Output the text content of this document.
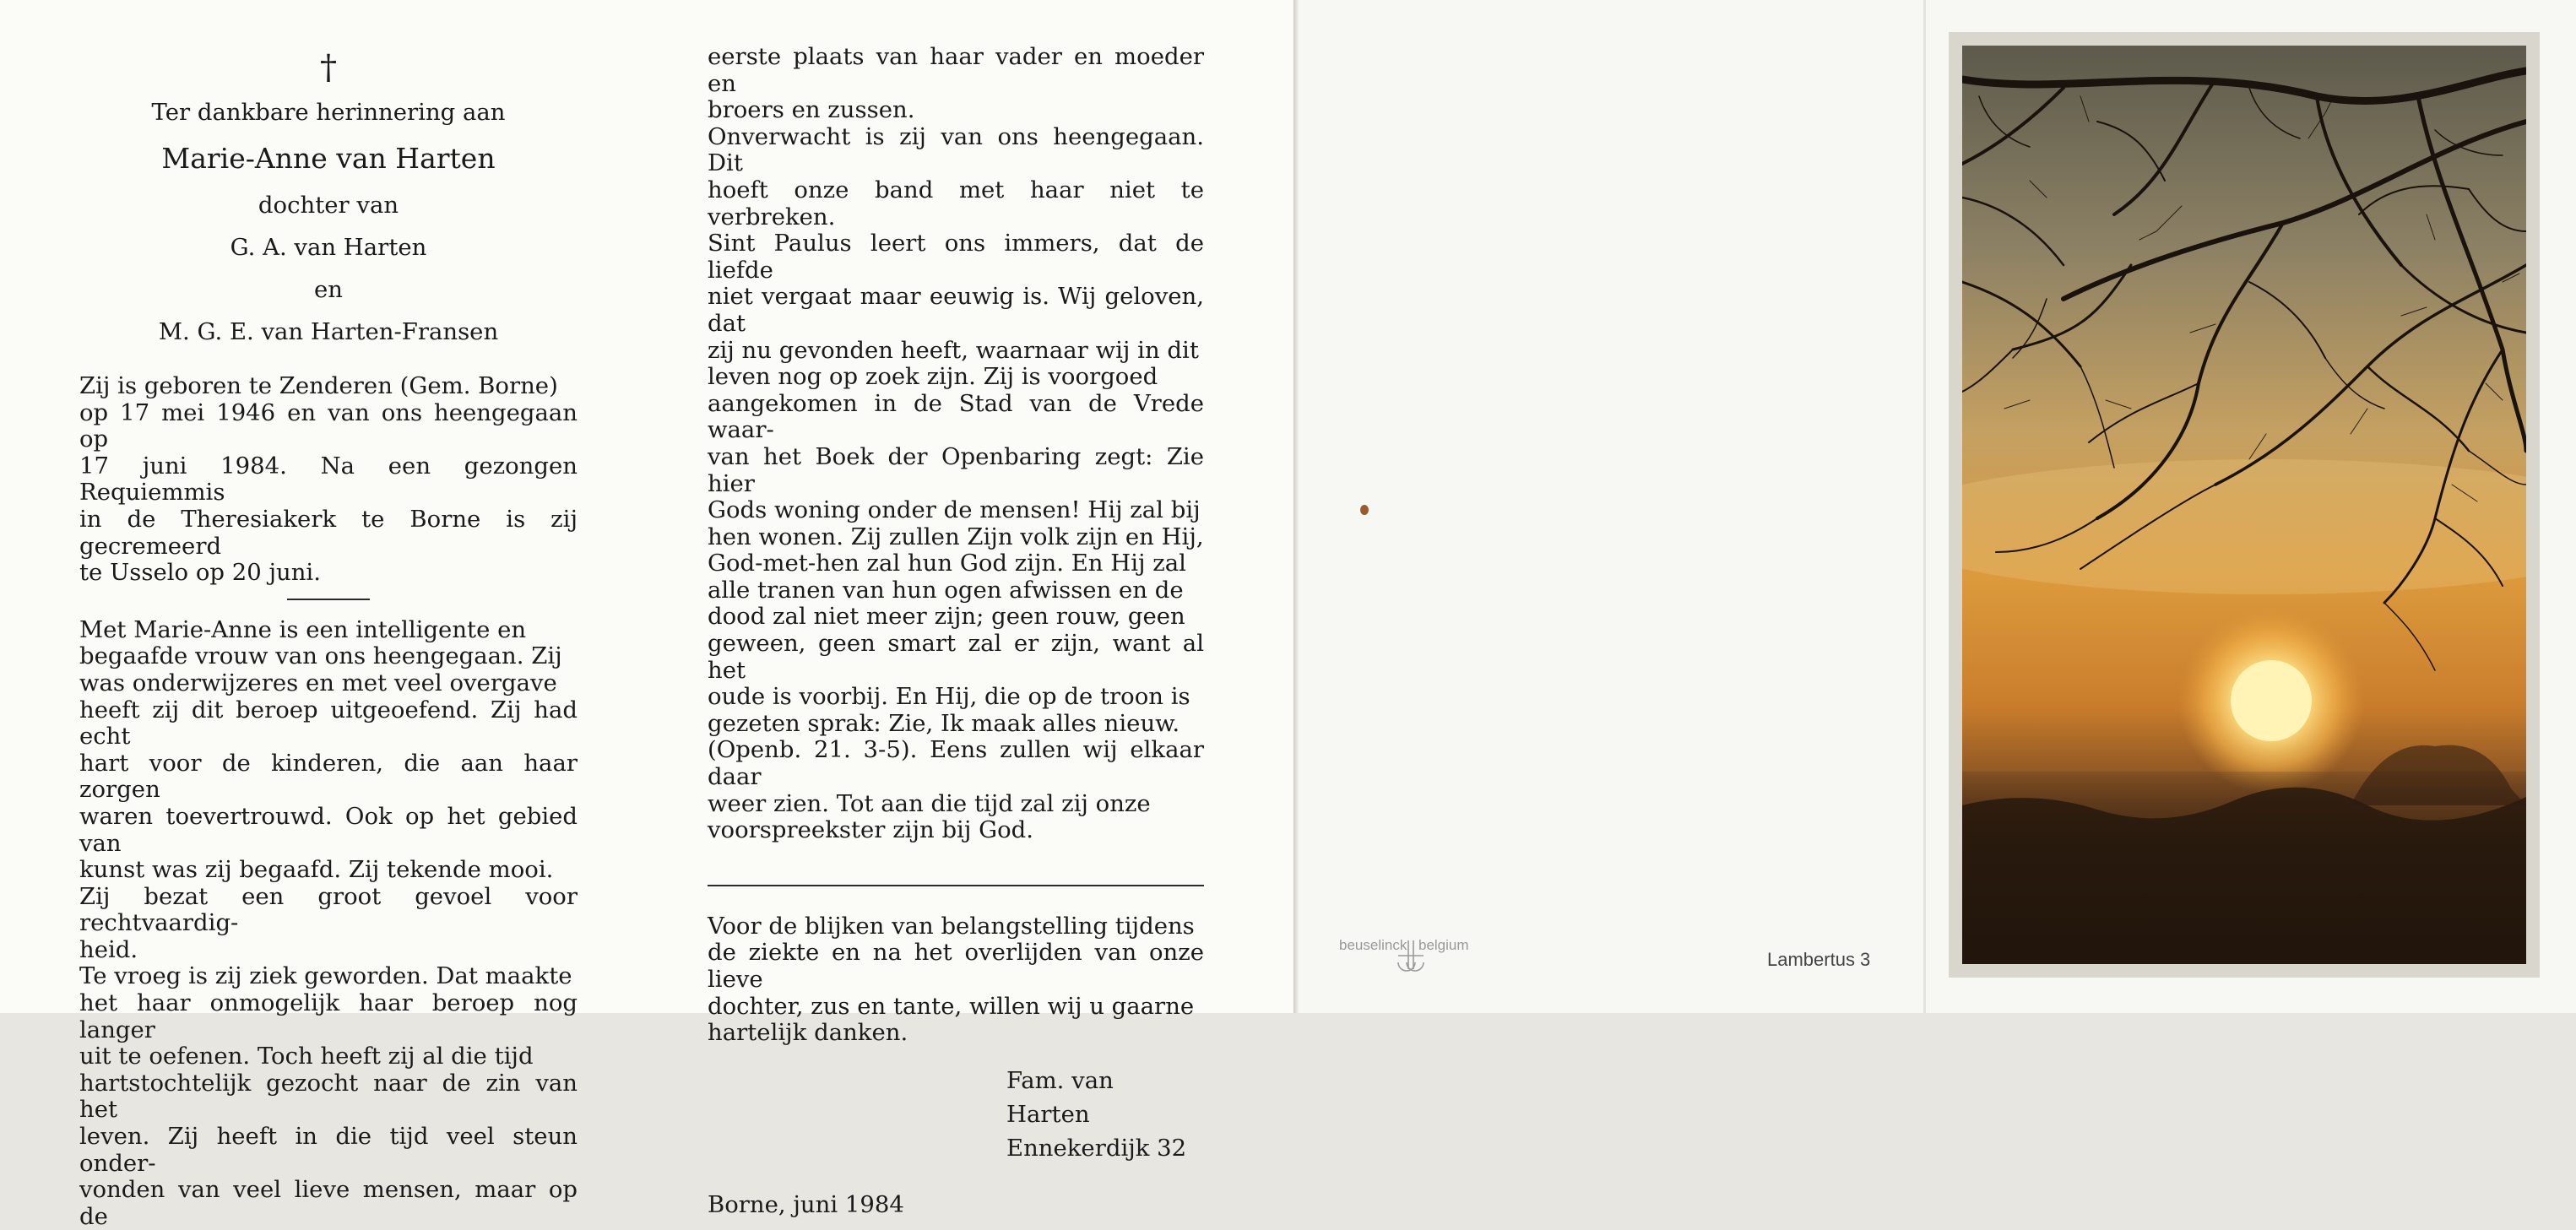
†
Ter dankbare herinnering aan
Marie-Anne van Harten
dochter van
G. A. van Harten
en
M. G. E. van Harten-Fransen

Zij is geboren te Zenderen (Gem. Borne)

op 17 mei 1946 en van ons heengegaan op

17 juni 1984. Na een gezongen Requiemmis

in de Theresiakerk te Borne is zij gecremeerd

te Usselo op 20 juni.

Met Marie-Anne is een intelligente en

begaafde vrouw van ons heengegaan. Zij

was onderwijzeres en met veel overgave

heeft zij dit beroep uitgeoefend. Zij had echt

hart voor de kinderen, die aan haar zorgen

waren toevertrouwd. Ook op het gebied van

kunst was zij begaafd. Zij tekende mooi.

Zij bezat een groot gevoel voor rechtvaardig-

heid.

Te vroeg is zij ziek geworden. Dat maakte

het haar onmogelijk haar beroep nog langer

uit te oefenen. Toch heeft zij al die tijd

hartstochtelijk gezocht naar de zin van het

leven. Zij heeft in die tijd veel steun onder-

vonden van veel lieve mensen, maar op de

eerste plaats van haar vader en moeder en

broers en zussen.

Onverwacht is zij van ons heengegaan. Dit

hoeft onze band met haar niet te verbreken.

Sint Paulus leert ons immers, dat de liefde

niet vergaat maar eeuwig is. Wij geloven, dat

zij nu gevonden heeft, waarnaar wij in dit

leven nog op zoek zijn. Zij is voorgoed

aangekomen in de Stad van de Vrede waar-

van het Boek der Openbaring zegt: Zie hier

Gods woning onder de mensen! Hij zal bij

hen wonen. Zij zullen Zijn volk zijn en Hij,

God-met-hen zal hun God zijn. En Hij zal

alle tranen van hun ogen afwissen en de

dood zal niet meer zijn; geen rouw, geen

geween, geen smart zal er zijn, want al het

oude is voorbij. En Hij, die op de troon is

gezeten sprak: Zie, Ik maak alles nieuw.

(Openb. 21. 3-5). Eens zullen wij elkaar daar

weer zien. Tot aan die tijd zal zij onze

voorspreekster zijn bij God.

Voor de blijken van belangstelling tijdens

de ziekte en na het overlijden van onze lieve

dochter, zus en tante, willen wij u gaarne

hartelijk danken.

Fam. van Harten
Ennekerdijk 32
Borne, juni 1984
beuselinck belgium
Lambertus 3
